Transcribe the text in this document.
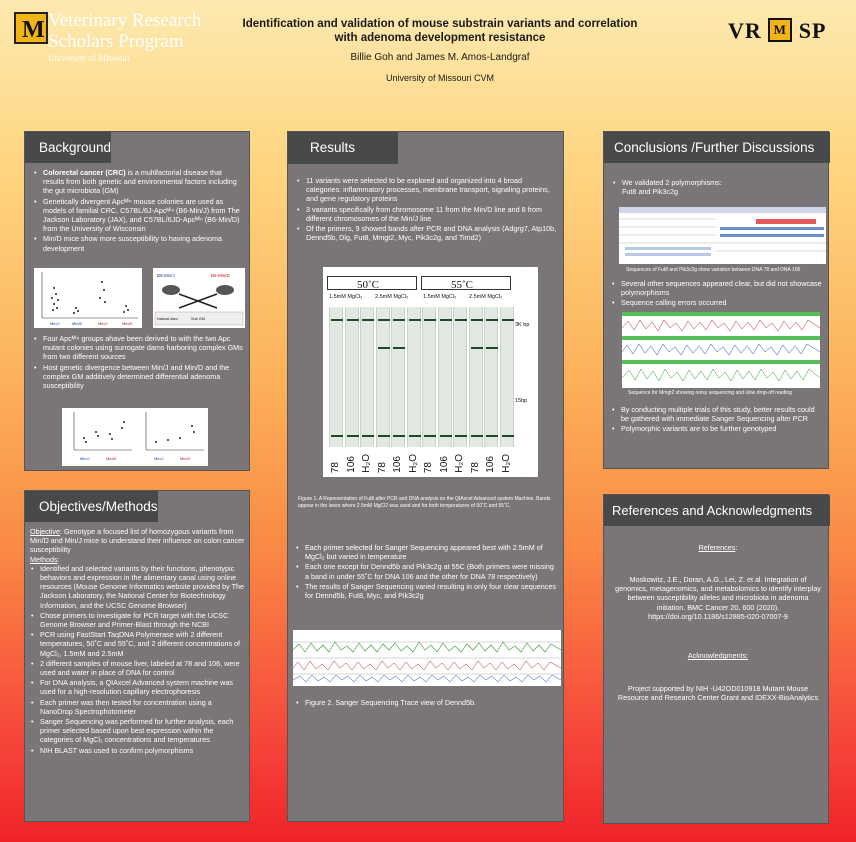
M Veterinary Research
Scholars Program
University of Missouri
Identification and validation of mouse substrain variants and correlation
with adenoma development resistance
Billie Goh and James M. Amos-Landgraf
University of Missouri CVM
VR M SP
Background
• Colorectal cancer (CRC) is a multifactorial disease that results from both genetic and environmental factors including the gut microbiota (GM)
• Genetically divergent Apcᴹⁱⁿ mouse colonies are used as models of familial CRC, C57BL/6J-Apcᴹⁱⁿ (B6-Min/J) from The Jackson Laboratory (JAX), and C57BL/6JD-Apcᴹⁱⁿ (B6-Min/D) from the University of Wisconsin
• Min/D mice show more susceptibility to having adenoma development
Min/J	Min/D	Min/J	Min/D
B6-Min/J	B6-Min/D
Natural dam	Sub GM
• Four Apcᴹⁱⁿ groups ahave been derived to with the two Apc mutant colonies using surrogate dams harboring complex GMs from two different sources
• Host genetic divergence between Min/J and Min/D and the complex GM additively determined differential adenoma susceptibility
Min/J	Min/D	Min/J	Min/D
Objectives/Methods
Objective: Genotype a focused list of homozygous variants from Min/D and Min/J mice to understand their influence on colon cancer susceptibility
Methods:
• Identified and selected variants by their functions, phenotypic behaviors and expression in the alimentary canal using online resources (Mouse Genome Informatics website provided by The Jackson Laboratory, the National Center for Biotechnology Information, and the UCSC Genome Browser)
• Chose primers to investigate for PCR target with the UCSC Genome Browser and Primer-Blast through the NCBI
• PCR using FastStart TaqDNA Polymerase with 2 different temperatures, 50˚C and 55˚C, and 2 different concentrations of MgCl₂, 1.5mM and 2.5mM
• 2 different samples of mouse liver, labeled at 78 and 106, were used and water in place of DNA for control
• For DNA analysis, a QIAxcel Advanced system machine was used for a high-resolution capillary electrophoresis
• Each primer was then tested for concentration using a NanoDrop Spectrophotometer
• Sanger Sequencing was performed for further analysis, each primer selected based upon best expression within the categories of MgCl₂ concentrations and temperatures
• NIH BLAST was used to confirm polymorphisms
Results
• 11 variants were selected to be explored and organized into 4 broad categories: inflammatory processes, membrane transport, signaling proteins, and gene regulatory proteins
• 3 variants specifically from chromosome 11 from the Min/D line and 8 from different chromosomes of the Min/J line
• Of the primers, 9 showed bands after PCR and DNA analysis (Adgrg7, Atp10b, Dennd5b, Dlg, Fut8, Mmgt2, Myc, Pik3c2g, and Timd2)
50˚C	55˚C
1.5mM MgCl₂ 2.5mM MgCl₂	1.5mM MgCl₂ 2.5mM MgCl₂
3K bp
15bp
78 106 H₂O 78 106 H₂O 78 106 H₂O 78 106 H₂O
Figure 1. A Representation of Fut8 after PCR and DNA analysis on the QIAxcel Advanced system Machine. Bands appear in the lanes where 2.5mM MgCl2 was used and for both temperatures of 50˚C and 55˚C.
• Each primer selected for Sanger Sequencing appeared best with 2.5mM of MgCl₂ but varied in temperature
• Each one except for Dennd5b and Pik3c2g at 55C (Both primers were missing a band in under 55˚C for DNA 106 and the other for DNA 78 respectively)
• The results of Sanger Sequencing varied resulting in only four clear sequences for Dennd5b, Fut8, Myc, and Pik3c2g
• Figure 2. Sanger Sequencing Trace view of Dennd5b.
Conclusions /Further Discussions
• We validated 2 polymorphisms:
Fut8 and Pik3c2g
Sequences of Fut8 and Pik3c2g show variation between DNA 78 and DNA 106
• Several other sequences appeared clear, but did not showcase polymorphisms
• Sequence calling errors occurred
Sequence for Mmgt2 showing noisy sequencing and slow drop-off reading
• By conducting multiple trials of this study, better results could be gathered with immediate Sanger Sequencing after PCR
• Polymorphic variants are to be further genotyped
References and Acknowledgments
References:
Moskowitz, J.E., Doran, A.G., Lei, Z. et al. Integration of genomics, metagenomics, and metabolomics to identify interplay between susceptibility alleles and microbiota in adenoma initiation. BMC Cancer 20, 600 (2020). https://doi.org/10.1186/s12885-020-07007-9
Acknowledgments:
Project supported by NIH -U42OD010918 Mutant Mouse Resource and Research Center Grant and IDEXX-BioAnalytics
